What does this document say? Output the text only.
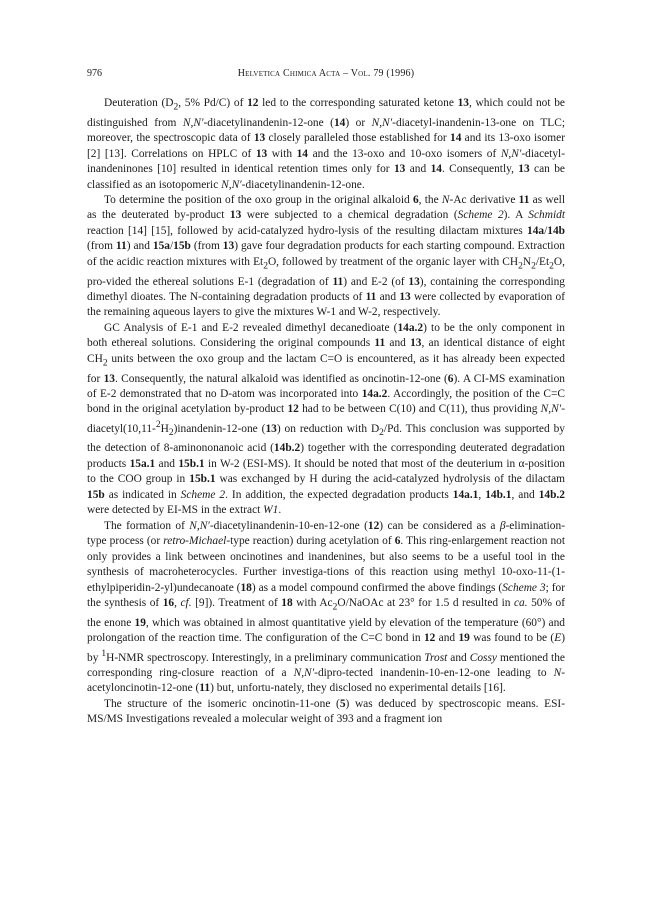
976	Helvetica Chimica Acta – Vol. 79 (1996)

Deuteration ($D_2$, 5% Pd/C) of 12 led to the corresponding saturated ketone 13, which could not be distinguished from N,N′-diacetylinandenin-12-one (14) or N,N′-diacetyl-inandenin-13-one on TLC; moreover, the spectroscopic data of 13 closely paralleled those established for 14 and its 13-oxo isomer [2] [13]. Correlations on HPLC of 13 with 14 and the 13-oxo and 10-oxo isomers of N,N′-diacetyl-inandeninones [10] resulted in identical retention times only for 13 and 14. Consequently, 13 can be classified as an isotopomeric N,N′-diacetylinandenin-12-one.

To determine the position of the oxo group in the original alkaloid 6, the N-Ac derivative 11 as well as the deuterated by-product 13 were subjected to a chemical degradation (Scheme 2). A Schmidt reaction [14] [15], followed by acid-catalyzed hydro-lysis of the resulting dilactam mixtures 14a/14b (from 11) and 15a/15b (from 13) gave four degradation products for each starting compound. Extraction of the acidic reaction mixtures with $Et_2O$, followed by treatment of the organic layer with $CH_2N_2/Et_2O$, pro-vided the ethereal solutions E-1 (degradation of 11) and E-2 (of 13), containing the corresponding dimethyl dioates. The N-containing degradation products of 11 and 13 were collected by evaporation of the remaining aqueous layers to give the mixtures W-1 and W-2, respectively.

GC Analysis of E-1 and E-2 revealed dimethyl decanedioate (14a.2) to be the only component in both ethereal solutions. Considering the original compounds 11 and 13, an identical distance of eight $CH_2$ units between the oxo group and the lactam C=O is encountered, as it has already been expected for 13. Consequently, the natural alkaloid was identified as oncinotin-12-one (6). A CI-MS examination of E-2 demonstrated that no D-atom was incorporated into 14a.2. Accordingly, the position of the C=C bond in the original acetylation by-product 12 had to be between C(10) and C(11), thus providing $N,N'-diacetyl(10,11-^2H_2)inandenin-12$-one (13) on reduction with $D_2/Pd$. This conclusion was supported by the detection of 8-aminononanoic acid (14b.2) together with the corresponding deuterated degradation products 15a.1 and 15b.1 in W-2 (ESI-MS). It should be noted that most of the deuterium in α-position to the COO group in 15b.1 was exchanged by H during the acid-catalyzed hydrolysis of the dilactam 15b as indicated in Scheme 2. In addition, the expected degradation products 14a.1, 14b.1, and 14b.2 were detected by EI-MS in the extract W1.

The formation of N,N′-diacetylinandenin-10-en-12-one (12) can be considered as a β-elimination-type process (or retro-Michael-type reaction) during acetylation of 6. This ring-enlargement reaction not only provides a link between oncinotines and inandenines, but also seems to be a useful tool in the synthesis of macroheterocycles. Further investiga-tions of this reaction using methyl 10-oxo-11-(1-ethylpiperidin-2-yl)undecanoate (18) as a model compound confirmed the above findings (Scheme 3; for the synthesis of 16, cf. [9]). Treatment of 18 with $Ac_2O$/NaOAc at 23° for 1.5 d resulted in ca. 50% of the enone 19, which was obtained in almost quantitative yield by elevation of the temperature (60°) and prolongation of the reaction time. The configuration of the C=C bond in 12 and 19 was found to be (E) by $^1$H-NMR spectroscopy. Interestingly, in a preliminary communication Trost and Cossy mentioned the corresponding ring-closure reaction of a N,N′-dipro-tected inandenin-10-en-12-one leading to N-acetyloncinotin-12-one (11) but, unfortu-nately, they disclosed no experimental details [16].

The structure of the isomeric oncinotin-11-one (5) was deduced by spectroscopic means. ESI-MS/MS Investigations revealed a molecular weight of 393 and a fragment ion
